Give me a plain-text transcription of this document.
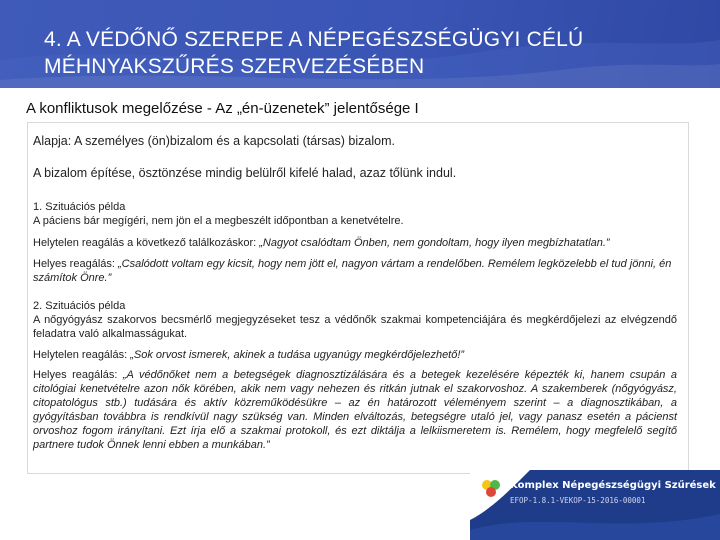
4. A VÉDŐNŐ SZEREPE A NÉPEGÉSZSÉGÜGYI CÉLÚ
MÉHNYAKSZŰRÉS SZERVEZÉSÉBEN
A konfliktusok megelőzése - Az „én-üzenetek” jelentősége I
Alapja: A személyes (ön)bizalom és a kapcsolati (társas) bizalom.
A bizalom építése, ösztönzése mindig belülről kifelé halad, azaz tőlünk indul.
1. Szituációs példa
A páciens bár megígéri, nem jön el a megbeszélt időpontban a kenetvételre.
Helytelen reagálás a következő találkozáskor: „Nagyot csalódtam Önben, nem gondoltam, hogy ilyen megbízhatatlan.”
Helyes reagálás: „Csalódott voltam egy kicsit, hogy nem jött el, nagyon vártam a rendelőben. Remélem legközelebb el tud jönni, én számítok Önre.”
2. Szituációs példa
A nőgyógyász szakorvos becsmérlő megjegyzéseket tesz a védőnők szakmai kompetenciájára és megkérdőjelezi az elvégzendő feladatra való alkalmasságukat.
Helytelen reagálás: „Sok orvost ismerek, akinek a tudása ugyanúgy megkérdőjelezhető!”
Helyes reagálás: „A védőnőket nem a betegségek diagnosztizálására és a betegek kezelésére képezték ki, hanem csupán a citológiai kenetvételre azon nők körében, akik nem vagy nehezen és ritkán jutnak el szakorvoshoz. A szakemberek (nőgyógyász, citopatológus stb.) tudására és aktív közreműködésükre – az én határozott véleményem szerint – a diagnosztikában, a gyógyításban továbbra is rendkívül nagy szükség van. Minden elváltozás, betegségre utaló jel, vagy panasz esetén a pácienst orvoshoz fogom irányítani. Ezt írja elő a szakmai protokoll, és ezt diktálja a lelkiismeretem is. Remélem, hogy megfelelő segítő partnere tudok Önnek lenni ebben a munkában.”
Komplex Népegészségügyi Szűrések
EFOP-1.8.1-VEKOP-15-2016-00001
